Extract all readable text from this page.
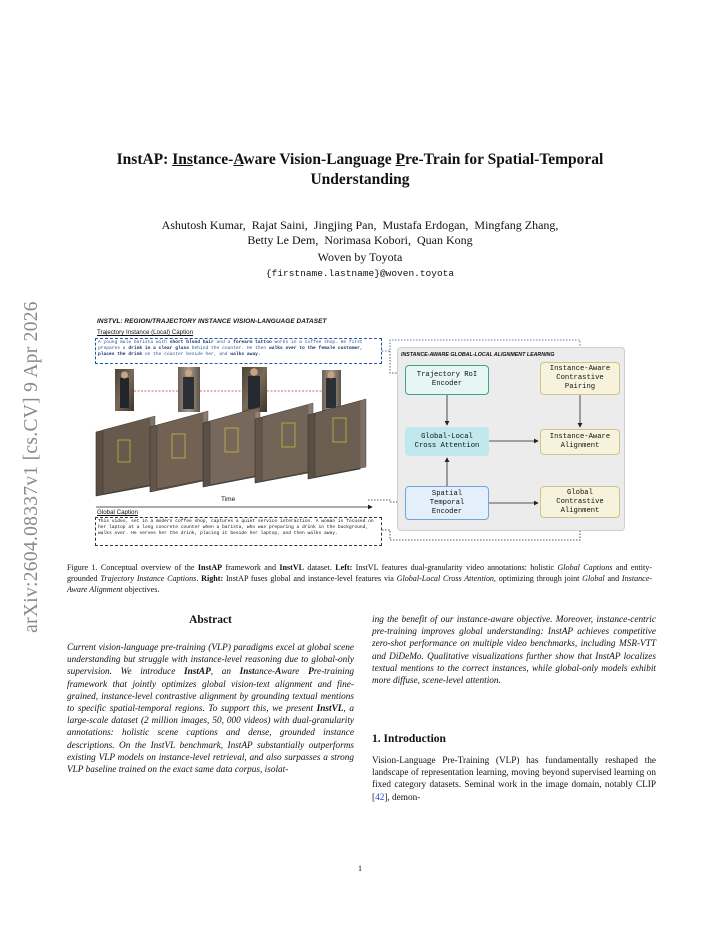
arXiv:2604.08337v1 [cs.CV] 9 Apr 2026
InstAP: Instance-Aware Vision-Language Pre-Train for Spatial-Temporal
Understanding
Ashutosh Kumar,  Rajat Saini,  Jingjing Pan,  Mustafa Erdogan,  Mingfang Zhang,
Betty Le Dem,  Norimasa Kobori,  Quan Kong
Woven by Toyota
{firstname.lastname}@woven.toyota
INSTVL: REGION/TRAJECTORY INSTANCE VISION-LANGUAGE DATASET
Trajectory Instance (Local) Caption
A young male barista with short blond hair and a forearm tattoo works in a coffee shop. He first prepares a drink in a clear glass behind the counter. He then walks over to the female customer, places the drink on the counter beside her, and walks away.
Time
Global Caption
This video, set in a modern coffee shop, captures a quiet service interaction. A woman is focused on her laptop at a long concrete counter when a barista, who was preparing a drink in the background, walks over. He serves her the drink, placing it beside her laptop, and then walks away.
INSTANCE-AWARE GLOBAL-LOCAL ALIGNMENT LEARNING
Trajectory RoI
Encoder
Global-Local
Cross Attention
Spatial
Temporal
Encoder
Instance-Aware
Contrastive
Pairing
Instance-Aware
Alignment
Global
Contrastive
Alignment
Figure 1. Conceptual overview of the InstAP framework and InstVL dataset. Left: InstVL features dual-granularity video annotations: holistic Global Captions and entity-grounded Trajectory Instance Captions. Right: InstAP fuses global and instance-level features via Global-Local Cross Attention, optimizing through joint Global and Instance-Aware Alignment objectives.
Abstract
Current vision-language pre-training (VLP) paradigms excel at global scene understanding but struggle with instance-level reasoning due to global-only supervision. We introduce InstAP, an Instance-Aware Pre-training framework that jointly optimizes global vision-text alignment and fine-grained, instance-level contrastive alignment by grounding textual mentions to specific spatial-temporal regions. To support this, we present InstVL, a large-scale dataset (2 million images, 50, 000 videos) with dual-granularity annotations: holistic scene captions and dense, grounded instance descriptions. On the InstVL benchmark, InstAP substantially outperforms existing VLP models on instance-level retrieval, and also surpasses a strong VLP baseline trained on the exact same data corpus, isolat-
ing the benefit of our instance-aware objective. Moreover, instance-centric pre-training improves global understanding: InstAP achieves competitive zero-shot performance on multiple video benchmarks, including MSR-VTT and DiDeMo. Qualitative visualizations further show that InstAP localizes textual mentions to the correct instances, while global-only models exhibit more diffuse, scene-level attention.
1. Introduction
Vision-Language Pre-Training (VLP) has fundamentally reshaped the landscape of representation learning, moving beyond supervised learning on fixed category datasets. Seminal work in the image domain, notably CLIP [42], demon-
1
